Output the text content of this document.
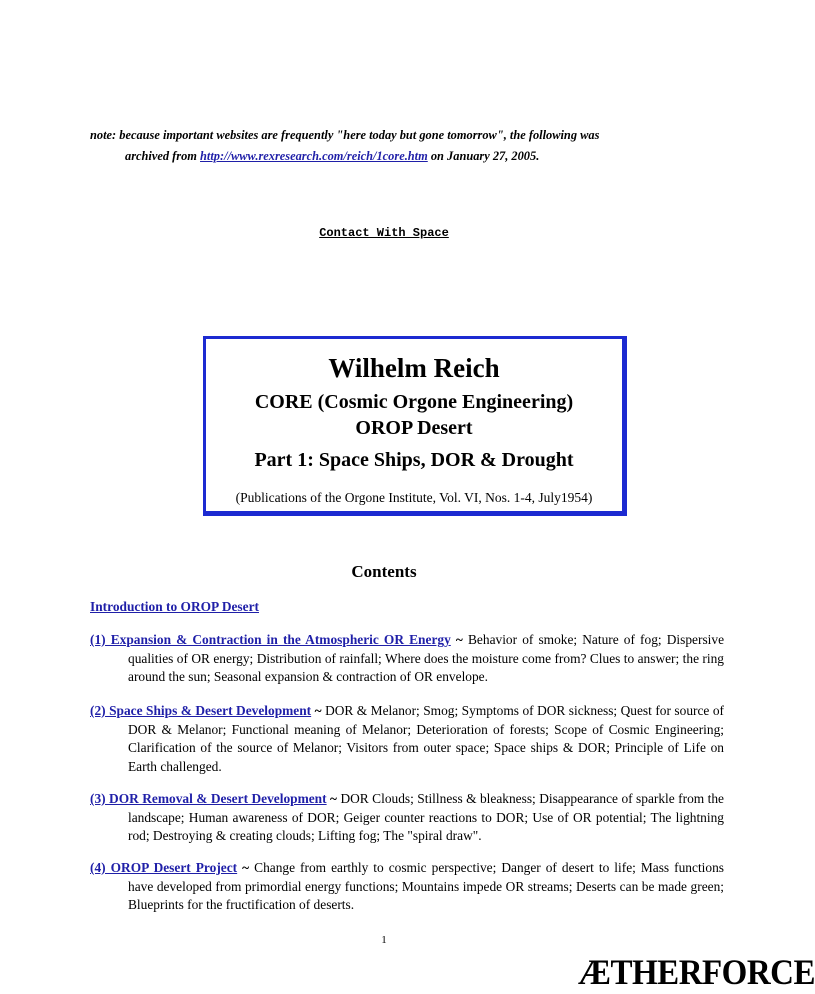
note: because important websites are frequently "here today but gone tomorrow", the following was
archived from http://www.rexresearch.com/reich/1core.htm on January 27, 2005.
Contact With Space
Wilhelm Reich
CORE (Cosmic Orgone Engineering)
OROP Desert
Part 1: Space Ships, DOR & Drought
(Publications of the Orgone Institute, Vol. VI, Nos. 1-4, July1954)
Contents

Introduction to OROP Desert

(1) Expansion & Contraction in the Atmospheric OR Energy ~ Behavior of smoke; Nature of fog; Dispersive qualities of OR energy; Distribution of rainfall; Where does the moisture come from? Clues to answer; the ring around the sun; Seasonal expansion & contraction of OR envelope.

(2) Space Ships & Desert Development ~ DOR & Melanor; Smog; Symptoms of DOR sickness; Quest for source of DOR & Melanor; Functional meaning of Melanor; Deterioration of forests; Scope of Cosmic Engineering; Clarification of the source of Melanor; Visitors from outer space; Space ships & DOR; Principle of Life on Earth challenged.

(3) DOR Removal & Desert Development ~ DOR Clouds; Stillness & bleakness; Disappearance of sparkle from the landscape; Human awareness of DOR; Geiger counter reactions to DOR; Use of OR potential; The lightning rod; Destroying & creating clouds; Lifting fog; The "spiral draw".

(4) OROP Desert Project ~ Change from earthly to cosmic perspective; Danger of desert to life; Mass functions have developed from primordial energy functions; Mountains impede OR streams; Deserts can be made green; Blueprints for the fructification of deserts.

1
ÆTHERFORCE
